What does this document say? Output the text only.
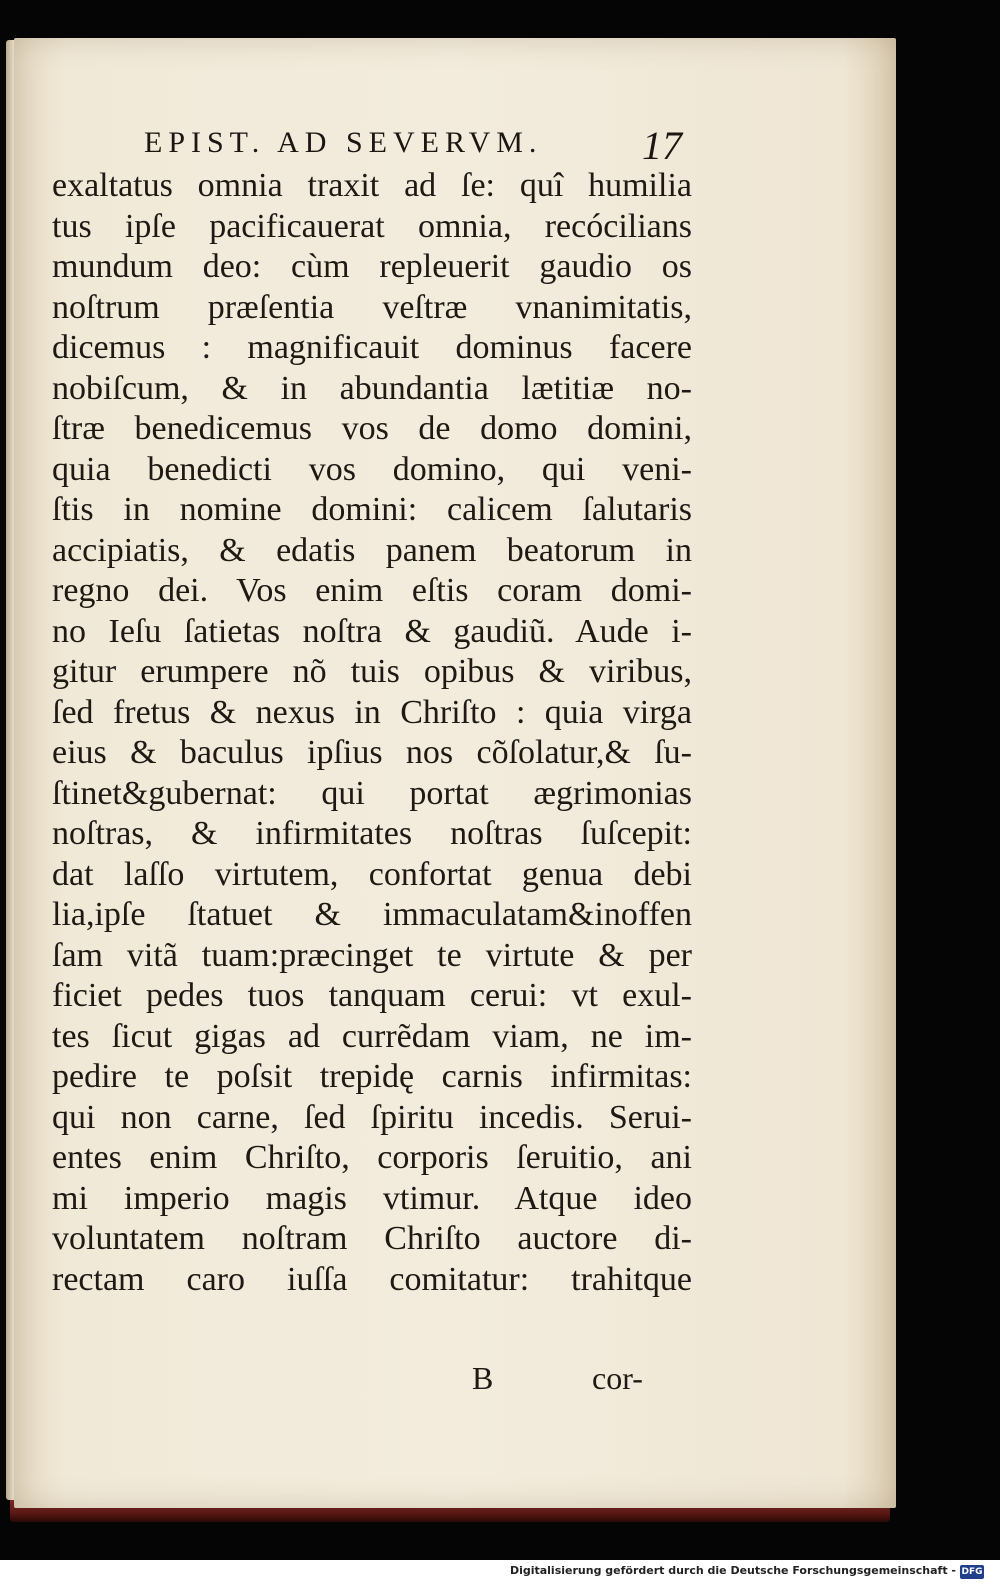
EPIST. AD SEVERVM.	17
exaltatus omnia traxit ad ſe: quî humilia
tus ipſe pacificauerat omnia, recócilians
mundum deo: cùm repleuerit gaudio os
noſtrum præſentia veſtræ vnanimitatis,
dicemus : magnificauit dominus facere
nobiſcum, & in abundantia lætitiæ no-
ſtræ benedicemus vos de domo domini,
quia benedicti vos domino, qui veni-
ſtis in nomine domini: calicem ſalutaris
accipiatis, & edatis panem beatorum in
regno dei. Vos enim eſtis coram domi-
no Ieſu ſatietas noſtra & gaudiũ. Aude i-
gitur erumpere nõ tuis opibus & viribus,
ſed fretus & nexus in Chriſto : quia virga
eius & baculus ipſius nos cõſolatur,& ſu-
ſtinet&gubernat: qui portat ægrimonias
noſtras, & infirmitates noſtras ſuſcepit:
dat laſſo virtutem, confortat genua debi
lia,ipſe ſtatuet & immaculatam&inoffen
ſam vitã tuam:præcinget te virtute & per
ficiet pedes tuos tanquam cerui: vt exul-
tes ſicut gigas ad currẽdam viam, ne im-
pedire te poſsit trepidę carnis infirmitas:
qui non carne, ſed ſpiritu incedis. Serui-
entes enim Chriſto, corporis ſeruitio, ani
mi imperio magis vtimur. Atque ideo
voluntatem noſtram Chriſto auctore di-
rectam caro iuſſa comitatur: trahitque
B	cor-
Digitalisierung gefördert durch die Deutsche Forschungsgemeinschaft - DFG
